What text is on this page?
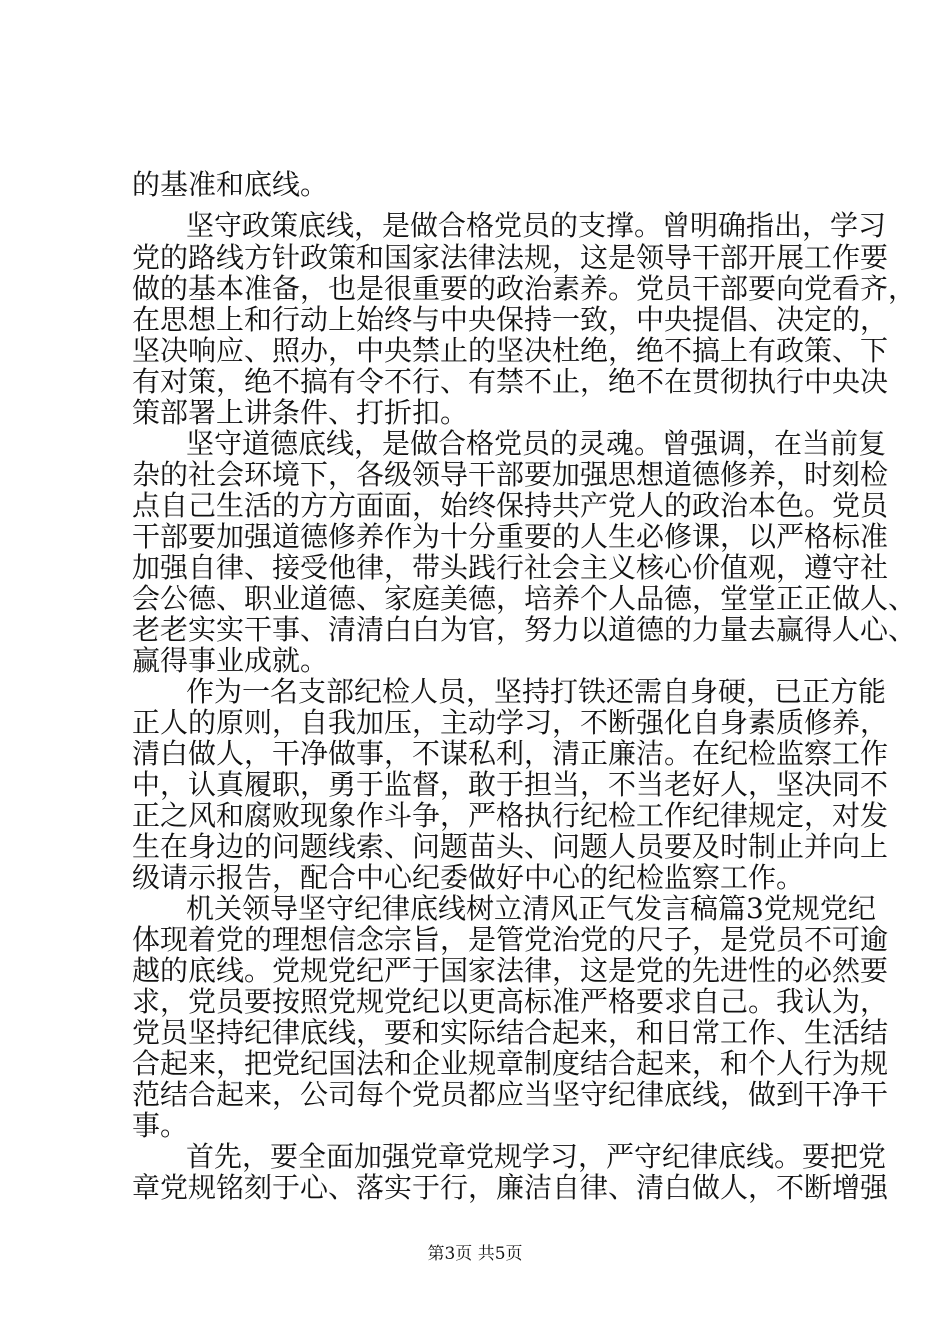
的基准和底线。
坚守政策底线，是做合格党员的支撑。曾明确指出，学习
党的路线方针政策和国家法律法规，这是领导干部开展工作要
做的基本准备，也是很重要的政治素养。党员干部要向党看齐，
在思想上和行动上始终与中央保持一致，中央提倡、决定的，
坚决响应、照办，中央禁止的坚决杜绝，绝不搞上有政策、下
有对策，绝不搞有令不行、有禁不止，绝不在贯彻执行中央决
策部署上讲条件、打折扣。
坚守道德底线，是做合格党员的灵魂。曾强调，在当前复
杂的社会环境下，各级领导干部要加强思想道德修养，时刻检
点自己生活的方方面面，始终保持共产党人的政治本色。党员
干部要加强道德修养作为十分重要的人生必修课，以严格标准
加强自律、接受他律，带头践行社会主义核心价值观，遵守社
会公德、职业道德、家庭美德，培养个人品德，堂堂正正做人、
老老实实干事、清清白白为官，努力以道德的力量去赢得人心、
赢得事业成就。
作为一名支部纪检人员，坚持打铁还需自身硬，已正方能
正人的原则，自我加压，主动学习，不断强化自身素质修养，
清白做人，干净做事，不谋私利，清正廉洁。在纪检监察工作
中，认真履职，勇于监督，敢于担当，不当老好人，坚决同不
正之风和腐败现象作斗争，严格执行纪检工作纪律规定，对发
生在身边的问题线索、问题苗头、问题人员要及时制止并向上
级请示报告，配合中心纪委做好中心的纪检监察工作。
机关领导坚守纪律底线树立清风正气发言稿篇3党规党纪
体现着党的理想信念宗旨，是管党治党的尺子，是党员不可逾
越的底线。党规党纪严于国家法律，这是党的先进性的必然要
求，党员要按照党规党纪以更高标准严格要求自己。我认为，
党员坚持纪律底线，要和实际结合起来，和日常工作、生活结
合起来，把党纪国法和企业规章制度结合起来，和个人行为规
范结合起来，公司每个党员都应当坚守纪律底线，做到干净干
事。
首先，要全面加强党章党规学习，严守纪律底线。要把党
章党规铭刻于心、落实于行，廉洁自律、清白做人，不断增强
第3页 共5页
